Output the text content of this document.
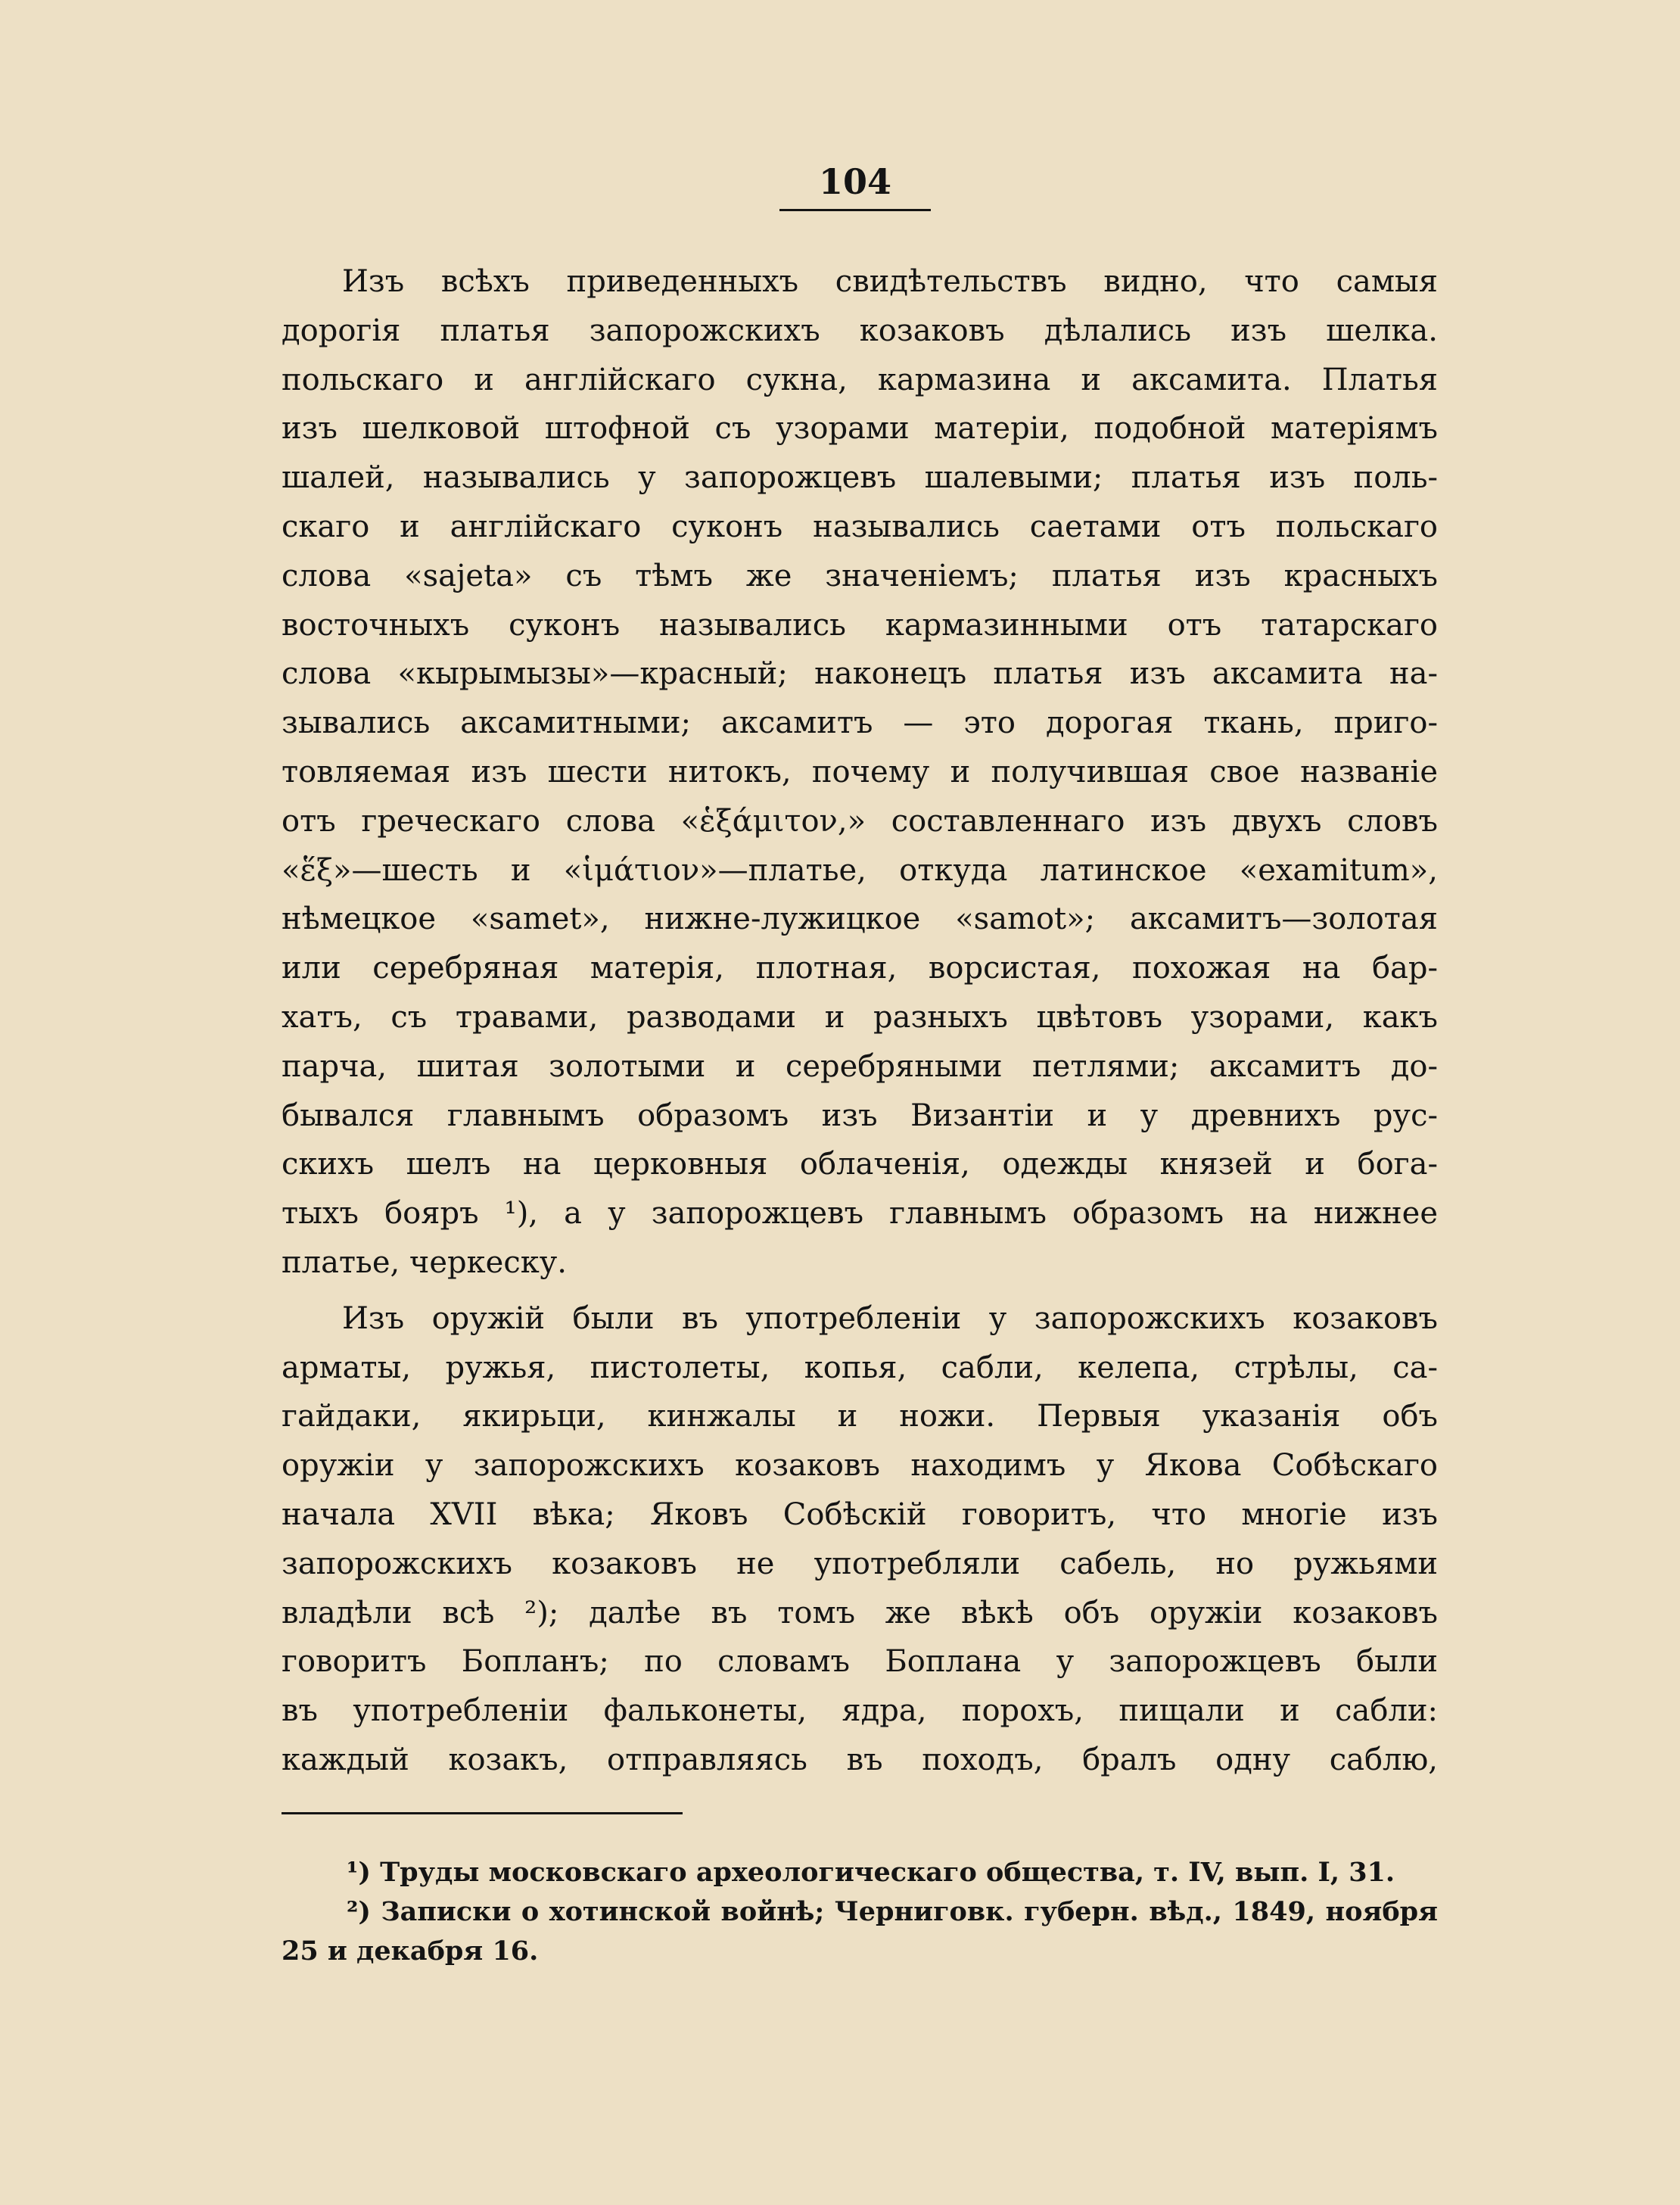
104

Изъ всѣхъ приведенныхъ свидѣтельствъ видно, что самыя
дорогія платья запорожскихъ козаковъ дѣлались изъ шелка.
польскаго и англійскаго сукна, кармазина и аксамита. Платья
изъ шелковой штофной съ узорами матеріи, подобной матеріямъ
шалей, назывались у запорожцевъ шалевыми; платья изъ поль-
скаго и англійскаго суконъ назывались саетами отъ польскаго
слова «sajeta» съ тѣмъ же значеніемъ; платья изъ красныхъ
восточныхъ суконъ назывались кармазинными отъ татарскаго
слова «кырымызы»—красный; наконецъ платья изъ аксамита на-
зывались аксамитными; аксамитъ — это дорогая ткань, приго-
товляемая изъ шести нитокъ, почему и получившая свое названіе
отъ греческаго слова «ἑξάμιτον,» составленнаго изъ двухъ словъ
«ἕξ»—шесть и «ἱμάτιον»—платье, откуда латинское «examitum»,
нѣмецкое «samet», нижне-лужицкое «samot»; аксамитъ—золотая
или серебряная матерія, плотная, ворсистая, похожая на бар-
хатъ, съ травами, разводами и разныхъ цвѣтовъ узорами, какъ
парча, шитая золотыми и серебряными петлями; аксамитъ до-
бывался главнымъ образомъ изъ Византіи и у древнихъ рус-
скихъ шелъ на церковныя облаченія, одежды князей и бога-
тыхъ бояръ ¹), а у запорожцевъ главнымъ образомъ на нижнее
платье, черкеску.

Изъ оружій были въ употребленіи у запорожскихъ козаковъ
арматы, ружья, пистолеты, копья, сабли, келепа, стрѣлы, са-
гайдаки, якирьци, кинжалы и ножи. Первыя указанія объ
оружіи у запорожскихъ козаковъ находимъ у Якова Собѣскаго
начала XVII вѣка; Яковъ Собѣскій говоритъ, что многіе изъ
запорожскихъ козаковъ не употребляли сабель, но ружьями
владѣли всѣ ²); далѣе въ томъ же вѣкѣ объ оружіи козаковъ
говоритъ Бопланъ; по словамъ Боплана у запорожцевъ были
въ употребленіи фальконеты, ядра, порохъ, пищали и сабли:
каждый козакъ, отправляясь въ походъ, бралъ одну саблю,

¹) Труды московскаго археологическаго общества, т. IV, вып. I, 31.
²) Записки о хотинской войнѣ; Черниговк. губерн. вѣд., 1849, ноября
25 и декабря 16.
